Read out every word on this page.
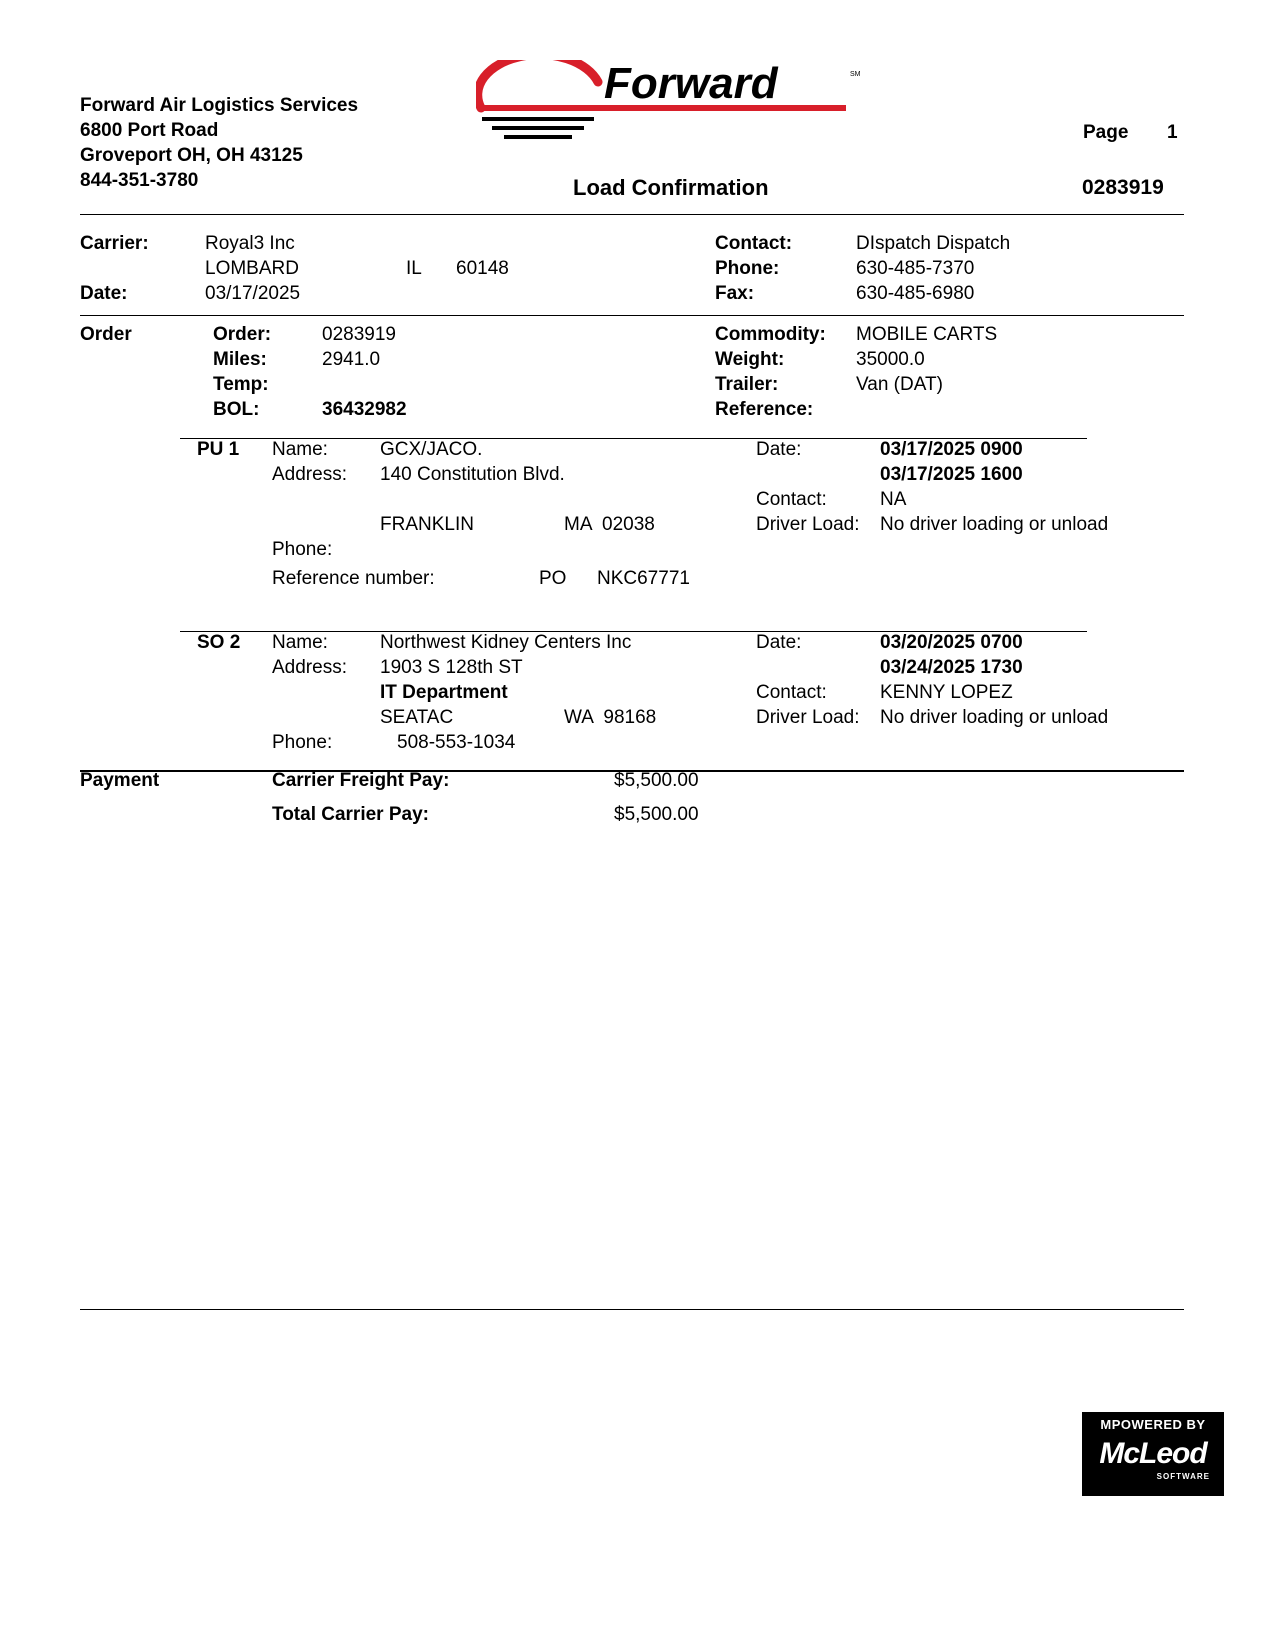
Forward Air Logistics Services
6800 Port Road
Groveport OH, OH 43125
844-351-3780
Forward	SM
Page 1
Load Confirmation	0283919
Carrier:	Royal3 Inc
LOMBARD	IL 60148
Date:	03/17/2025
Contact:	DIspatch Dispatch
Phone:	630-485-7370
Fax:	630-485-6980
Order	Order:	0283919
Miles:	2941.0
Temp:
BOL:	36432982
Commodity: MOBILE CARTS
Weight:	35000.0
Trailer:	Van (DAT)
Reference:
PU 1 Name:	GCX/JACO.
Address: 140 Constitution Blvd.
FRANKLIN	MA  02038
Phone:
Reference number:	PO NKC67771
Date:	03/17/2025 0900
03/17/2025 1600
Contact:	NA
Driver Load: No driver loading or unload
SO 2 Name:	Northwest Kidney Centers Inc
Address: 1903 S 128th ST
IT Department
SEATAC	WA  98168
Phone:	508-553-1034
Date:	03/20/2025 0700
03/24/2025 1730
Contact:	KENNY LOPEZ
Driver Load: No driver loading or unload
Payment	Carrier Freight Pay:	$5,500.00
Total Carrier Pay:	$5,500.00
MPOWERED BY
McLeod
SOFTWARE
